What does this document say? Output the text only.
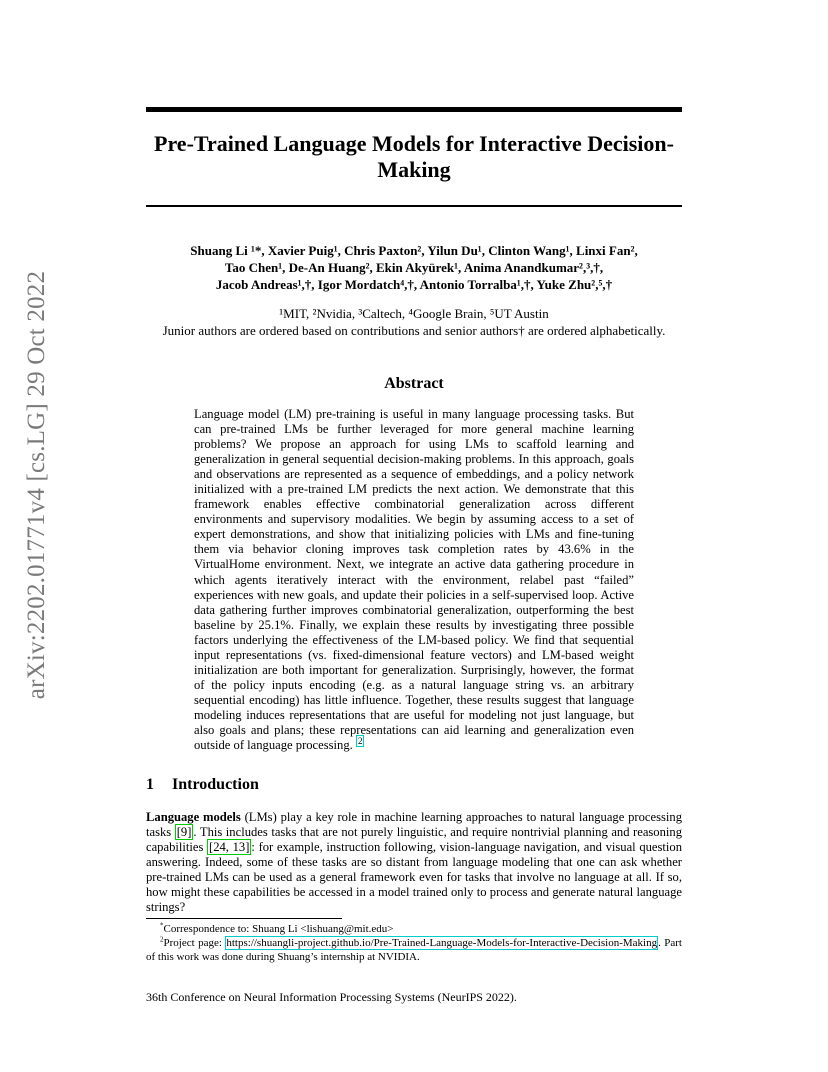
arXiv:2202.01771v4 [cs.LG] 29 Oct 2022
Pre-Trained Language Models for Interactive Decision-Making
Shuang Li ¹*, Xavier Puig¹, Chris Paxton², Yilun Du¹, Clinton Wang¹, Linxi Fan²,
Tao Chen¹, De-An Huang², Ekin Akyürek¹, Anima Anandkumar²,³,†,
Jacob Andreas¹,†, Igor Mordatch⁴,†, Antonio Torralba¹,†, Yuke Zhu²,⁵,†
¹MIT, ²Nvidia, ³Caltech, ⁴Google Brain, ⁵UT Austin
Junior authors are ordered based on contributions and senior authors† are ordered alphabetically.
Abstract
Language model (LM) pre-training is useful in many language processing tasks. But can pre-trained LMs be further leveraged for more general machine learning problems? We propose an approach for using LMs to scaffold learning and generalization in general sequential decision-making problems. In this approach, goals and observations are represented as a sequence of embeddings, and a policy network initialized with a pre-trained LM predicts the next action. We demonstrate that this framework enables effective combinatorial generalization across different environments and supervisory modalities. We begin by assuming access to a set of expert demonstrations, and show that initializing policies with LMs and fine-tuning them via behavior cloning improves task completion rates by 43.6% in the VirtualHome environment. Next, we integrate an active data gathering procedure in which agents iteratively interact with the environment, relabel past “failed” experiences with new goals, and update their policies in a self-supervised loop. Active data gathering further improves combinatorial generalization, outperforming the best baseline by 25.1%. Finally, we explain these results by investigating three possible factors underlying the effectiveness of the LM-based policy. We find that sequential input representations (vs. fixed-dimensional feature vectors) and LM-based weight initialization are both important for generalization. Surprisingly, however, the format of the policy inputs encoding (e.g. as a natural language string vs. an arbitrary sequential encoding) has little influence. Together, these results suggest that language modeling induces representations that are useful for modeling not just language, but also goals and plans; these representations can aid learning and generalization even outside of language processing. $^2$
1 Introduction
Language models (LMs) play a key role in machine learning approaches to natural language processing tasks [9] . This includes tasks that are not purely linguistic, and require nontrivial planning and reasoning capabilities [24, 13] : for example, instruction following, vision-language navigation, and visual question answering. Indeed, some of these tasks are so distant from language modeling that one can ask whether pre-trained LMs can be used as a general framework even for tasks that involve no language at all. If so, how might these capabilities be accessed in a model trained only to process and generate natural language strings?

*Correspondence to: Shuang Li <lishuang@mit.edu>

$^2$Project page: https://shuangli-project.github.io/Pre-Trained-Language-Models-for-Interactive-Decision-Making. Part of this work was done during Shuang’s internship at NVIDIA.

36th Conference on Neural Information Processing Systems (NeurIPS 2022).
